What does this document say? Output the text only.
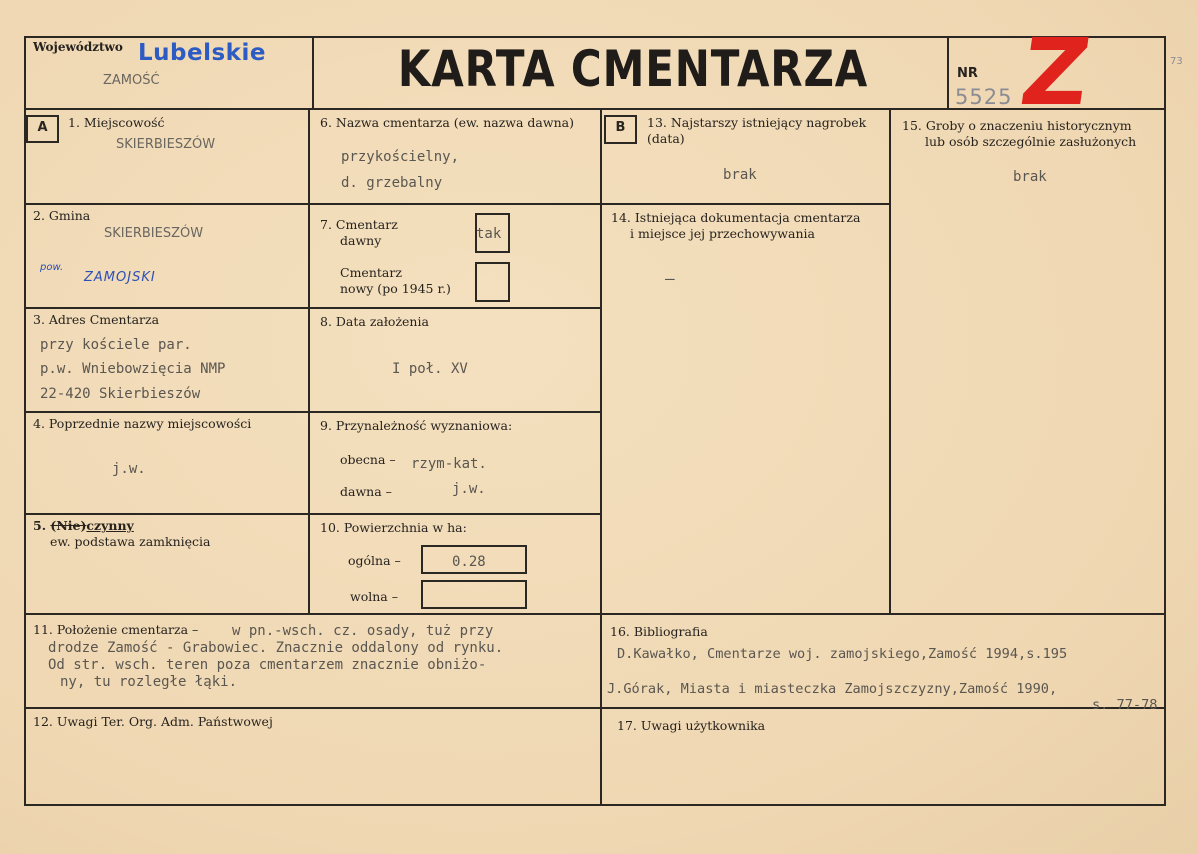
Województwo Lubelskie
ZAMOŚĆ	KARTA CMENTARZA	NR
5525 Z	73
A	1. Miejscowość
SKIERBIESZÓW
2. Gmina
SKIERBIESZÓW
pow.
ZAMOJSKI
3. Adres Cmentarza
przy kościele par.
p.w. Wniebowzięcia NMP
22-420 Skierbieszów
4. Poprzednie nazwy miejscowości
j.w.
5. (Nie)czynny
ew. podstawa zamknięcia
6. Nazwa cmentarza (ew. nazwa dawna)
przykościelny,
d. grzebalny
7. Cmentarz
dawny	tak
Cmentarz
nowy (po 1945 r.)
8. Data założenia
I poł. XV
9. Przynależność wyznaniowa:
obecna – rzym-kat.
dawna –	j.w.
10. Powierzchnia w ha:
ogólna –	0.28
wolna –
B	13. Najstarszy istniejący nagrobek
(data)
brak
14. Istniejąca dokumentacja cmentarza
i miejsce jej przechowywania
–
15. Groby o znaczeniu historycznym
lub osób szczególnie zasłużonych
brak
11. Położenie cmentarza – w pn.-wsch. cz. osady, tuż przy
drodze Zamość - Grabowiec. Znacznie oddalony od rynku.
Od str. wsch. teren poza cmentarzem znacznie obniżo-
ny, tu rozległe łąki.
12. Uwagi Ter. Org. Adm. Państwowej
16. Bibliografia
D.Kawałko, Cmentarze woj. zamojskiego,Zamość 1994,s.195
J.Górak, Miasta i miasteczka Zamojszczyzny,Zamość 1990,
s. 77-78
17. Uwagi użytkownika
